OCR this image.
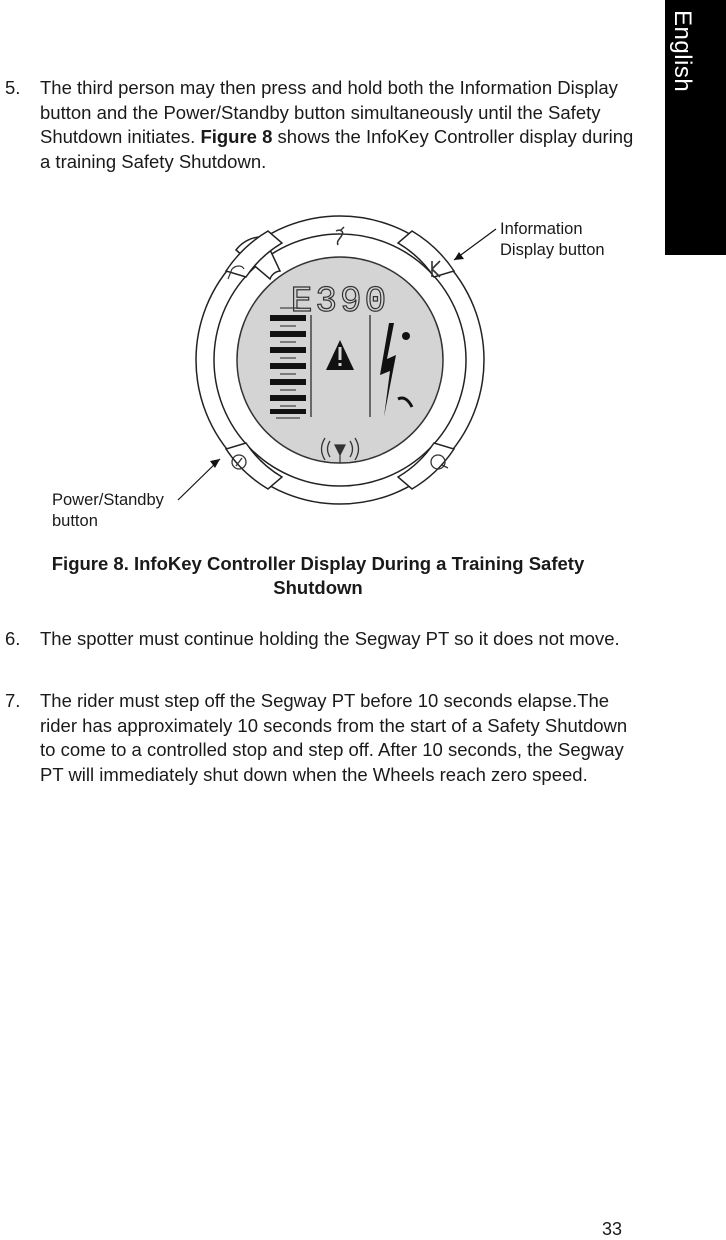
English
5. The third person may then press and hold both the Information Display button and the Power/Standby button simultaneously until the Safety Shutdown initiates. Figure 8 shows the InfoKey Controller display during a training Safety Shutdown.
E390
Information Display button
Power/Standby button
Figure 8. InfoKey Controller Display During a Training Safety Shutdown
6. The spotter must continue holding the Segway PT so it does not move.
7. The rider must step off the Segway PT before 10 seconds elapse.The rider has approximately 10 seconds from the start of a Safety Shutdown to come to a controlled stop and step off. After 10 seconds, the Segway PT will immediately shut down when the Wheels reach zero speed.
33
